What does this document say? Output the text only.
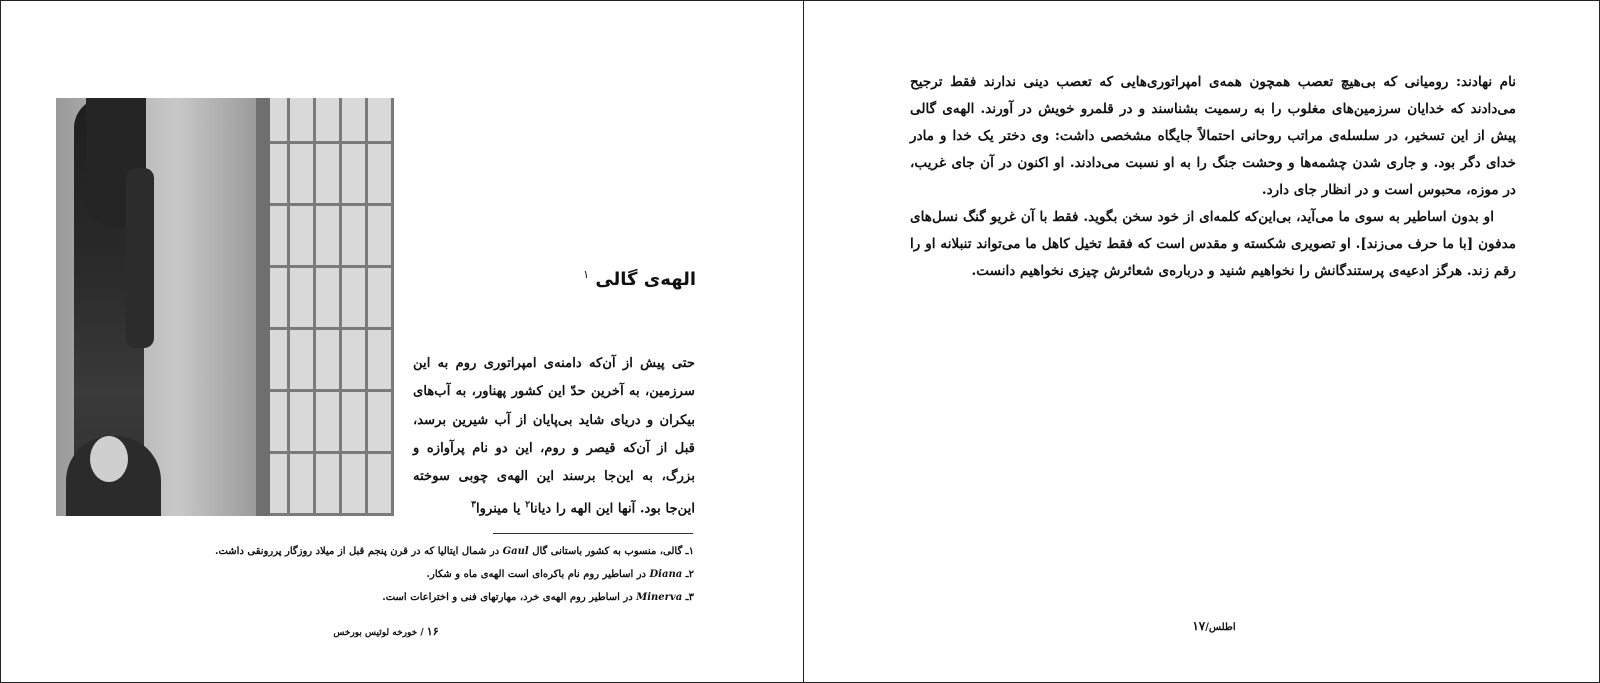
الهه‌ی گالی $^۱$
حتی پیش از آن‌که دامنه‌ی امپراتوری روم به این سرزمین، به آخرین حدّ این کشور پهناور، به آب‌های بیکران و دریای شاید بی‌پایان از آب شیرین برسد، قبل از آن‌که قیصر و روم، این دو نام پرآوازه و بزرگ، به این‌جا برسند این الهه‌ی چوبی سوخته این‌جا بود. آنها این الهه را دیانا$^۲$ یا مینروا$^۳$
۱ـ گالی، منسوب به کشور باستانی گال Gaul در شمال ایتالیا که در قرن پنجم قبل از میلاد روزگار پررونقی داشت.
۲ـ Diana در اساطیر روم نام باکره‌ای است الهه‌ی ماه و شکار.
۳ـ Minerva در اساطیر روم الهه‌ی خرد، مهارتهای فنی و اختراعات است.
۱۶ / خورخه لوئیس بورخس

نام نهادند: رومیانی که بی‌هیچ تعصب همچون همه‌ی امپراتوری‌هایی که تعصب دینی ندارند فقط ترجیح می‌دادند که خدایان سرزمین‌های مغلوب را به رسمیت بشناسند و در قلمرو خویش در آورند. الهه‌ی گالی پیش از این تسخیر، در سلسله‌ی مراتب روحانی احتمالاً جایگاه مشخصی داشت: وی دختر یک خدا و مادر خدای دگر بود. و جاری شدن چشمه‌ها و وحشت جنگ را به او نسبت می‌دادند. او اکنون در آن جای غریب، در موزه، محبوس است و در انظار جای دارد.

او بدون اساطیر به سوی ما می‌آید، بی‌این‌که کلمه‌ای از خود سخن بگوید. فقط با آن غریو گنگ نسل‌های مدفون [با ما حرف می‌زند]. او تصویری شکسته و مقدس است که فقط تخیل کاهل ما می‌تواند تنبلانه او را رقم زند. هرگز ادعیه‌ی پرستندگانش را نخواهیم شنید و درباره‌ی شعائرش چیزی نخواهیم دانست.

اطلس/۱۷
